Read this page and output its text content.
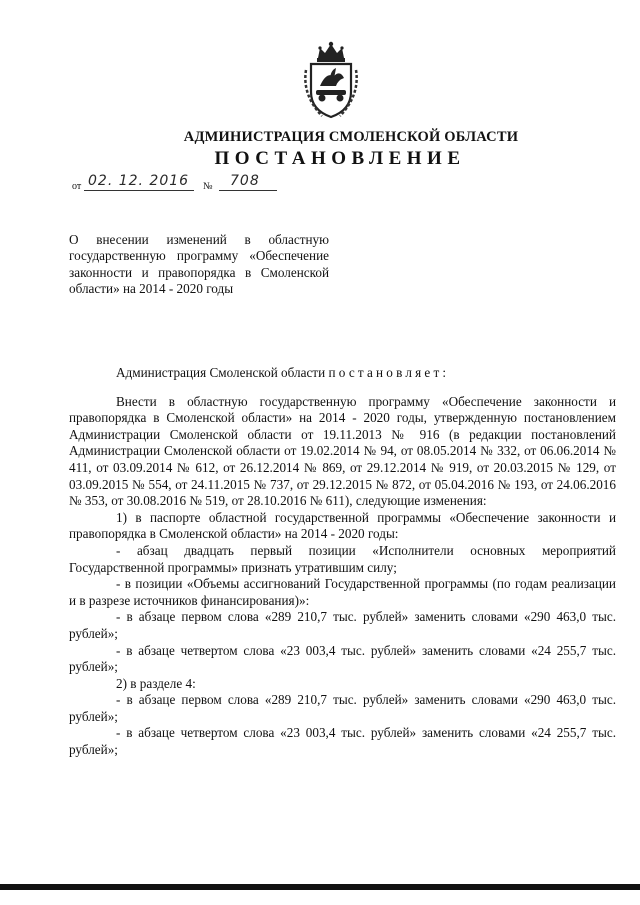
АДМИНИСТРАЦИЯ СМОЛЕНСКОЙ ОБЛАСТИ
ПОСТАНОВЛЕНИЕ
от 02. 12. 2016 № 708
О внесении изменений в областную государственную программу «Обеспечение законности и правопорядка в Смоленской области» на 2014 - 2020 годы

Администрация Смоленской области постановляет:

Внести в областную государственную программу «Обеспечение законности и правопорядка в Смоленской области» на 2014 - 2020 годы, утвержденную постановлением Администрации Смоленской области от 19.11.2013 № 916 (в редакции постановлений Администрации Смоленской области от 19.02.2014 № 94, от 08.05.2014 № 332, от 06.06.2014 № 411, от 03.09.2014 № 612, от 26.12.2014 № 869, от 29.12.2014 № 919, от 20.03.2015 № 129, от 03.09.2015 № 554, от 24.11.2015 № 737, от 29.12.2015 № 872, от 05.04.2016 № 193, от 24.06.2016 № 353, от 30.08.2016 № 519, от 28.10.2016 № 611), следующие изменения:

1) в паспорте областной государственной программы «Обеспечение законности и правопорядка в Смоленской области» на 2014 - 2020 годы:

- абзац двадцать первый позиции «Исполнители основных мероприятий Государственной программы» признать утратившим силу;

- в позиции «Объемы ассигнований Государственной программы (по годам реализации и в разрезе источников финансирования)»:

- в абзаце первом слова «289 210,7 тыс. рублей» заменить словами «290 463,0 тыс. рублей»;

- в абзаце четвертом слова «23 003,4 тыс. рублей» заменить словами «24 255,7 тыс. рублей»;

2) в разделе 4:

- в абзаце первом слова «289 210,7 тыс. рублей» заменить словами «290 463,0 тыс. рублей»;

- в абзаце четвертом слова «23 003,4 тыс. рублей» заменить словами «24 255,7 тыс. рублей»;
